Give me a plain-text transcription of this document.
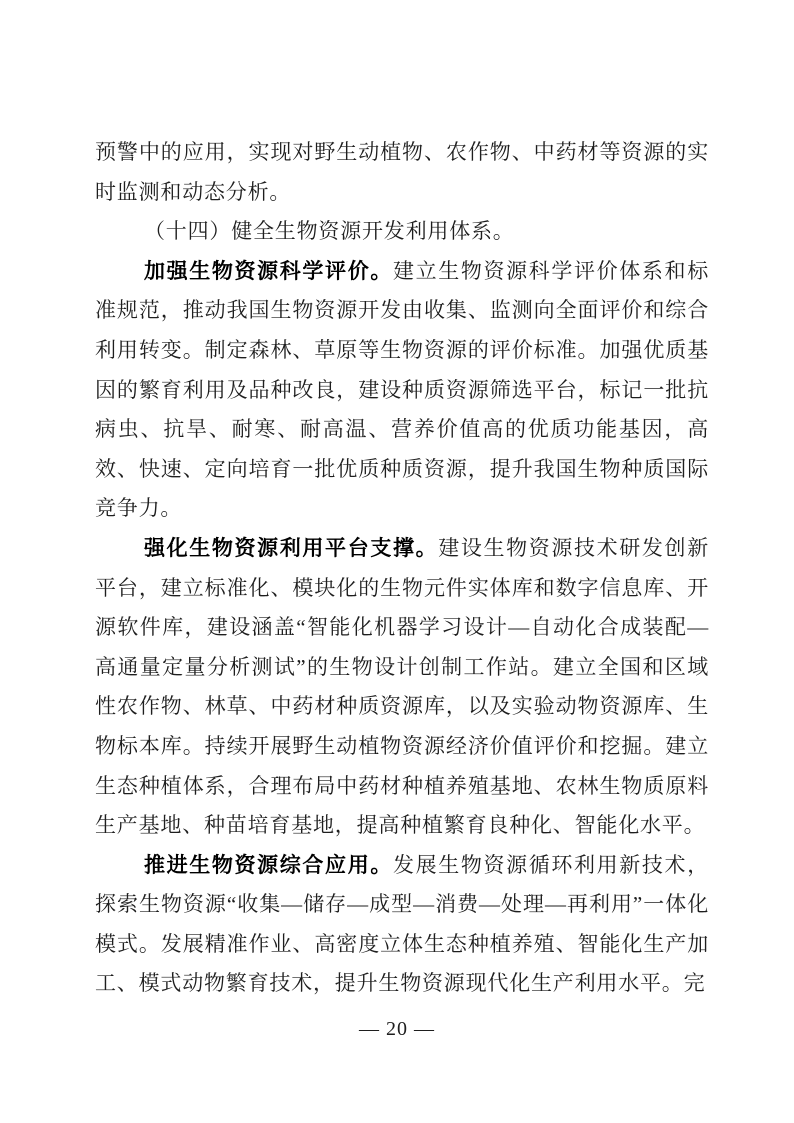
预警中的应用，实现对野生动植物、农作物、中药材等资源的实时监测和动态分析。

（十四）健全生物资源开发利用体系。

加强生物资源科学评价。建立生物资源科学评价体系和标准规范，推动我国生物资源开发由收集、监测向全面评价和综合利用转变。制定森林、草原等生物资源的评价标准。加强优质基因的繁育利用及品种改良，建设种质资源筛选平台，标记一批抗病虫、抗旱、耐寒、耐高温、营养价值高的优质功能基因，高效、快速、定向培育一批优质种质资源，提升我国生物种质国际竞争力。

强化生物资源利用平台支撑。建设生物资源技术研发创新平台，建立标准化、模块化的生物元件实体库和数字信息库、开源软件库，建设涵盖“智能化机器学习设计—自动化合成装配—高通量定量分析测试”的生物设计创制工作站。建立全国和区域性农作物、林草、中药材种质资源库，以及实验动物资源库、生物标本库。持续开展野生动植物资源经济价值评价和挖掘。建立生态种植体系，合理布局中药材种植养殖基地、农林生物质原料生产基地、种苗培育基地，提高种植繁育良种化、智能化水平。

推进生物资源综合应用。发展生物资源循环利用新技术，探索生物资源“收集—储存—成型—消费—处理—再利用”一体化模式。发展精准作业、高密度立体生态种植养殖、智能化生产加工、模式动物繁育技术，提升生物资源现代化生产利用水平。完

— 20 —
